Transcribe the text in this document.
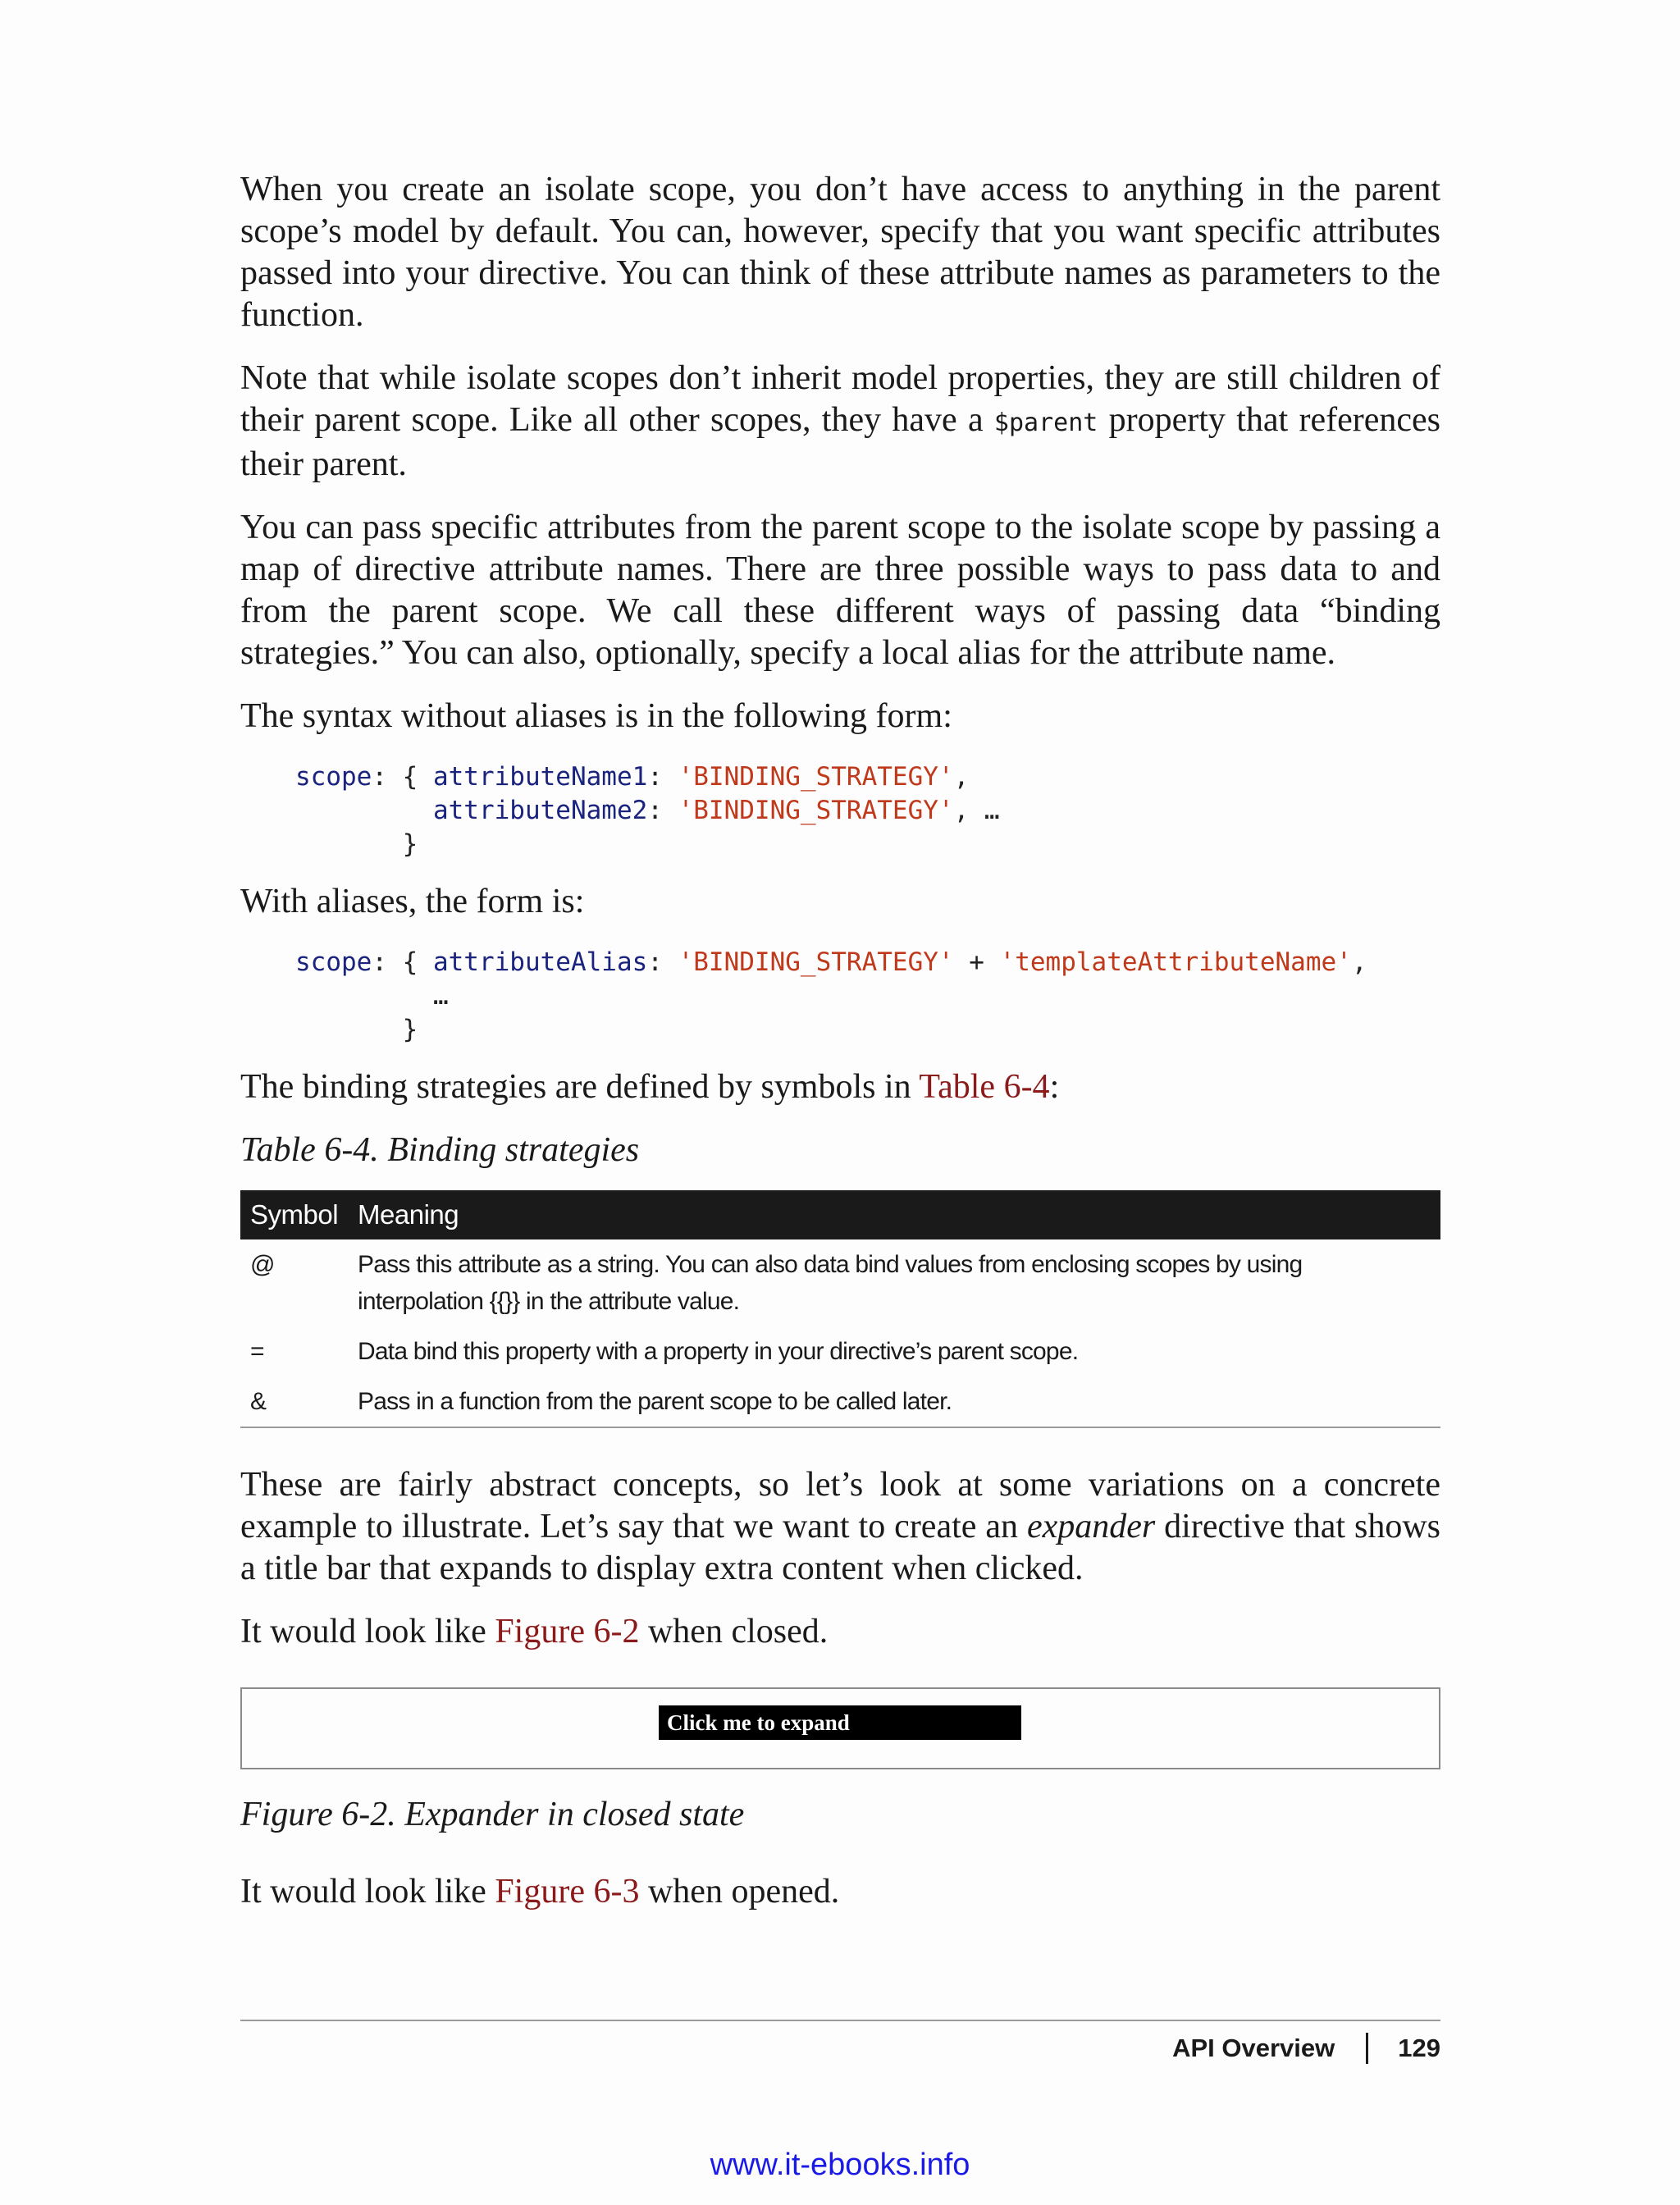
When you create an isolate scope, you don’t have access to anything in the parent scope’s model by default. You can, however, specify that you want specific attributes passed into your directive. You can think of these attribute names as parameters to the function.

Note that while isolate scopes don’t inherit model properties, they are still children of their parent scope. Like all other scopes, they have a $parent property that references their parent.

You can pass specific attributes from the parent scope to the isolate scope by passing a map of directive attribute names. There are three possible ways to pass data to and from the parent scope. We call these different ways of passing data “binding strategies.” You can also, optionally, specify a local alias for the attribute name.

The syntax without aliases is in the following form:

scope: { attributeName1: 'BINDING_STRATEGY',
attributeName2: 'BINDING_STRATEGY', …
}

With aliases, the form is:

scope: { attributeAlias: 'BINDING_STRATEGY' + 'templateAttributeName',
…
}

The binding strategies are defined by symbols in Table 6-4:

Table 6-4. Binding strategies
Symbol	Meaning
@	Pass this attribute as a string. You can also data bind values from enclosing scopes by using interpolation {{}} in the attribute value.
=	Data bind this property with a property in your directive’s parent scope.
&	Pass in a function from the parent scope to be called later.

These are fairly abstract concepts, so let’s look at some variations on a concrete example to illustrate. Let’s say that we want to create an expander directive that shows a title bar that expands to display extra content when clicked.

It would look like Figure 6-2 when closed.

Click me to expand
Figure 6-2. Expander in closed state

It would look like Figure 6-3 when opened.

API Overview 129
www.it-ebooks.info
